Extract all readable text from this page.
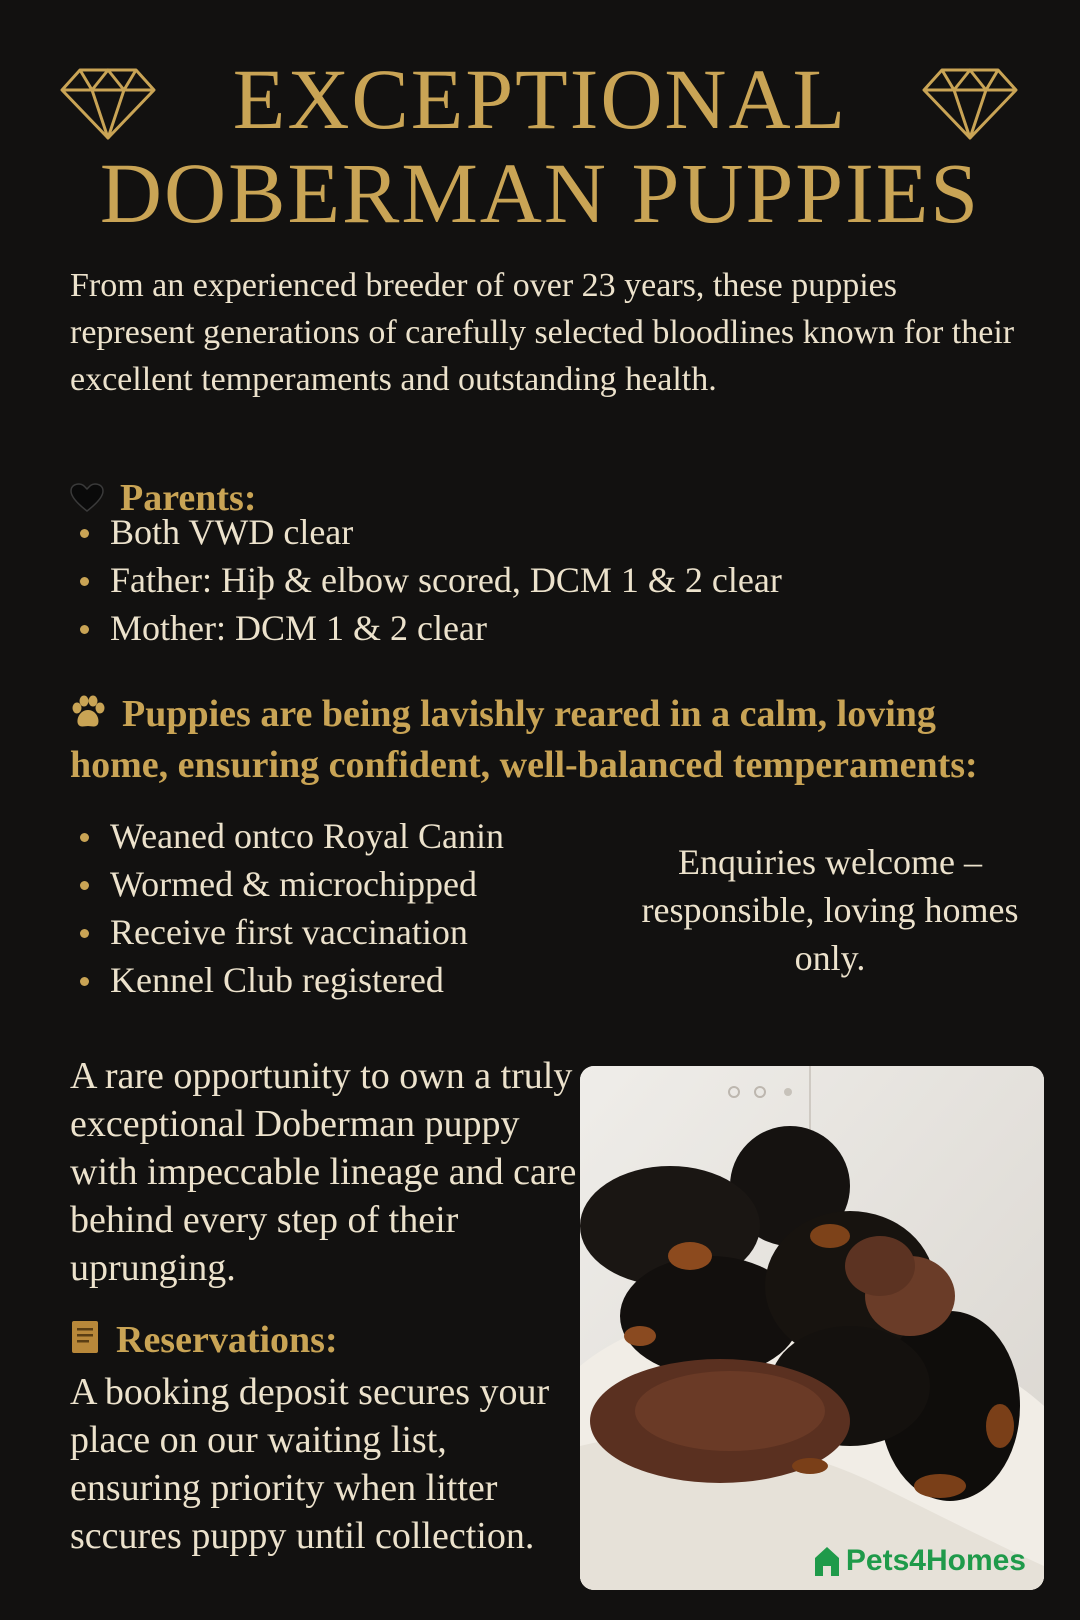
EXCEPTIONAL
DOBERMAN PUPPIES
From an experienced breeder of over 23 years, these puppies represent generations of carefully selected bloodlines known for their excellent temperaments and outstanding health.
Parents:
Both VWD clear
Father: Hiþ & elbow scored, DCM 1 & 2 clear
Mother: DCM 1 & 2 clear
Puppies are being lavishly reared in a calm, loving home, ensuring confident, well-balanced temperaments:
Weaned ontco Royal Canin
Wormed & microchipped
Receive first vaccination
Kennel Club registered
Enquiries welcome – responsible, loving homes only.
A rare opportunity to own a truly exceptional Doberman puppy with impeccable lineage and care behind every step of their uprunging.
Reservations:
A booking deposit secures your place on our waiting list, ensuring priority when litter sccures puppy until collection.
Pets4Homes
